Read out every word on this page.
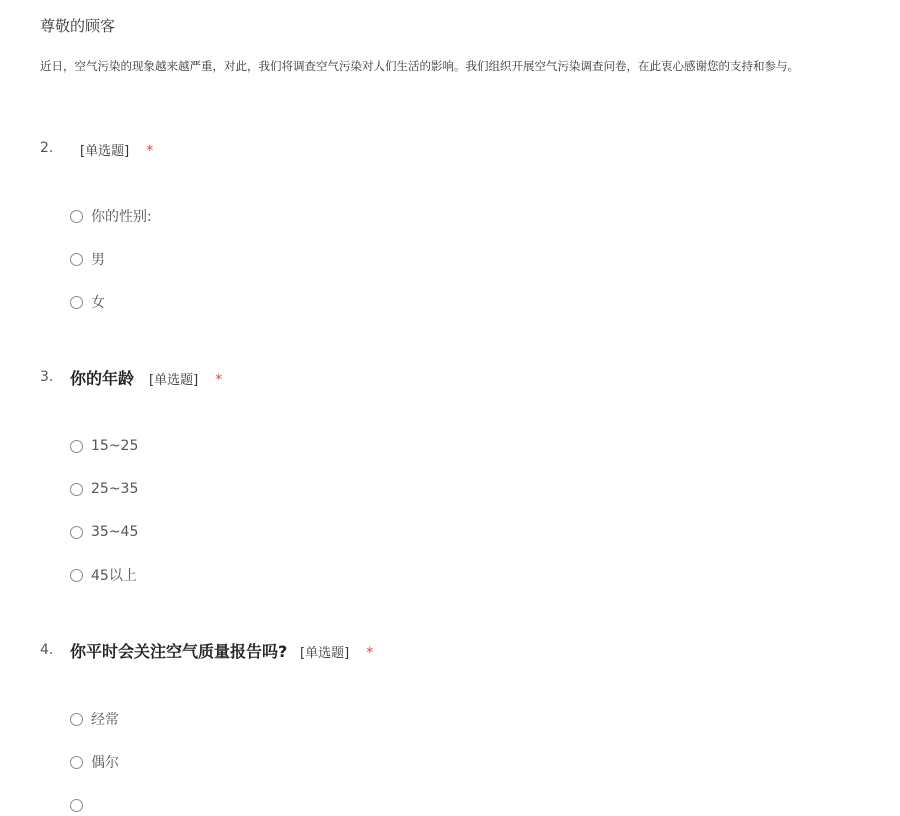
尊敬的顾客
近日，空气污染的现象越来越严重，对此，我们将调查空气污染对人们生活的影响。我们组织开展空气污染调查问卷，在此衷心感谢您的支持和参与。
2. [单选题] *
你的性别:
男
女
3. 你的年龄 [单选题] *
15~25
25~35
35~45
45以上
4. 你平时会关注空气质量报告吗? [单选题] *
经常
偶尔
